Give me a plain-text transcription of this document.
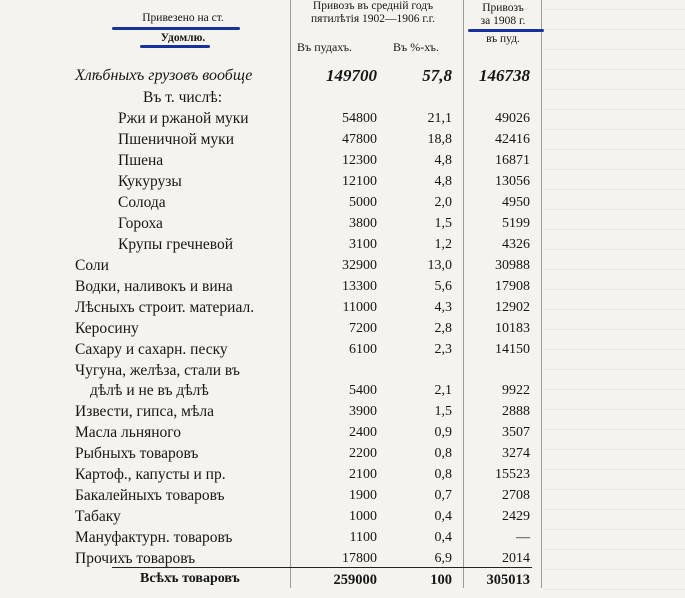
Привезено на ст.
Удомлю.
Привозъ въ средній годъ
пятилѣтія 1902—1906 г.г.
Въ пудахъ.	Въ %-хъ.
Привозъ
за 1908 г.
въ пуд.
Хлѣбныхъ грузовъ вообще	149700	57,8	146738
Въ т. числѣ:
Ржи и ржаной муки	54800	21,1	49026
Пшеничной муки	47800	18,8	42416
Пшена	12300	4,8	16871
Кукурузы	12100	4,8	13056
Солода	5000	2,0	4950
Гороха	3800	1,5	5199
Крупы гречневой	3100	1,2	4326
Соли	32900	13,0	30988
Водки, наливокъ и вина	13300	5,6	17908
Лѣсныхъ строит. материал.	11000	4,3	12902
Керосину	7200	2,8	10183
Сахару и сахарн. песку	6100	2,3	14150
Чугуна, желѣза, стали въ
дѣлѣ и не въ дѣлѣ	5400	2,1	9922
Извести, гипса, мѣла	3900	1,5	2888
Масла льняного	2400	0,9	3507
Рыбныхъ товаровъ	2200	0,8	3274
Картоф., капусты и пр.	2100	0,8	15523
Бакалейныхъ товаровъ	1900	0,7	2708
Табаку	1000	0,4	2429
Мануфактурн. товаровъ	1100	0,4	—
Прочихъ товаровъ	17800	6,9	2014
Всѣхъ товаровъ	259000	100	305013
